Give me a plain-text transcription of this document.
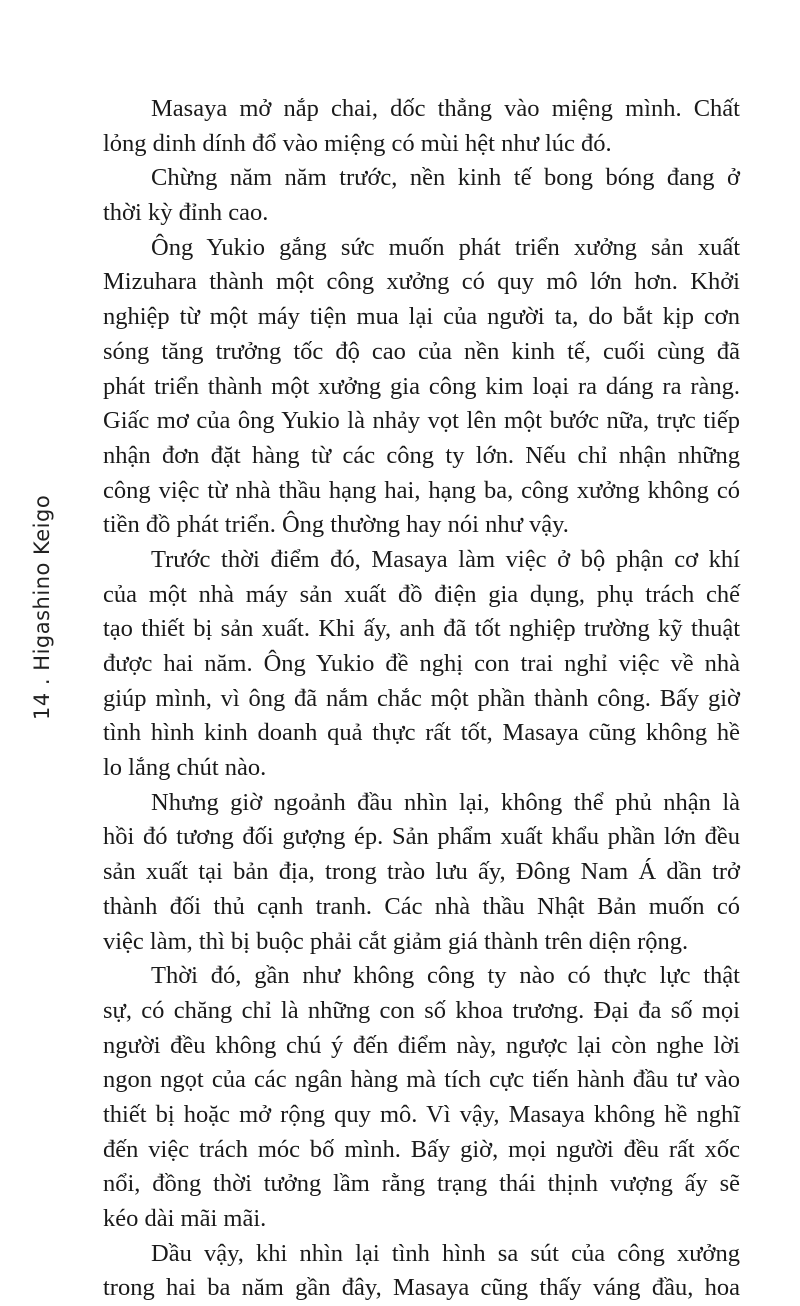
14 . Higashino Keigo
Masaya mở nắp chai, dốc thẳng vào miệng mình. Chất
lỏng dinh dính đổ vào miệng có mùi hệt như lúc đó.
Chừng năm năm trước, nền kinh tế bong bóng đang ở
thời kỳ đỉnh cao.
Ông Yukio gắng sức muốn phát triển xưởng sản xuất
Mizuhara thành một công xưởng có quy mô lớn hơn. Khởi
nghiệp từ một máy tiện mua lại của người ta, do bắt kịp cơn
sóng tăng trưởng tốc độ cao của nền kinh tế, cuối cùng đã
phát triển thành một xưởng gia công kim loại ra dáng ra ràng.
Giấc mơ của ông Yukio là nhảy vọt lên một bước nữa, trực tiếp
nhận đơn đặt hàng từ các công ty lớn. Nếu chỉ nhận những
công việc từ nhà thầu hạng hai, hạng ba, công xưởng không có
tiền đồ phát triển. Ông thường hay nói như vậy.
Trước thời điểm đó, Masaya làm việc ở bộ phận cơ khí
của một nhà máy sản xuất đồ điện gia dụng, phụ trách chế
tạo thiết bị sản xuất. Khi ấy, anh đã tốt nghiệp trường kỹ thuật
được hai năm. Ông Yukio đề nghị con trai nghỉ việc về nhà
giúp mình, vì ông đã nắm chắc một phần thành công. Bấy giờ
tình hình kinh doanh quả thực rất tốt, Masaya cũng không hề
lo lắng chút nào.
Nhưng giờ ngoảnh đầu nhìn lại, không thể phủ nhận là
hồi đó tương đối gượng ép. Sản phẩm xuất khẩu phần lớn đều
sản xuất tại bản địa, trong trào lưu ấy, Đông Nam Á dần trở
thành đối thủ cạnh tranh. Các nhà thầu Nhật Bản muốn có
việc làm, thì bị buộc phải cắt giảm giá thành trên diện rộng.
Thời đó, gần như không công ty nào có thực lực thật
sự, có chăng chỉ là những con số khoa trương. Đại đa số mọi
người đều không chú ý đến điểm này, ngược lại còn nghe lời
ngon ngọt của các ngân hàng mà tích cực tiến hành đầu tư vào
thiết bị hoặc mở rộng quy mô. Vì vậy, Masaya không hề nghĩ
đến việc trách móc bố mình. Bấy giờ, mọi người đều rất xốc
nổi, đồng thời tưởng lầm rằng trạng thái thịnh vượng ấy sẽ
kéo dài mãi mãi.
Dầu vậy, khi nhìn lại tình hình sa sút của công xưởng
trong hai ba năm gần đây, Masaya cũng thấy váng đầu, hoa
